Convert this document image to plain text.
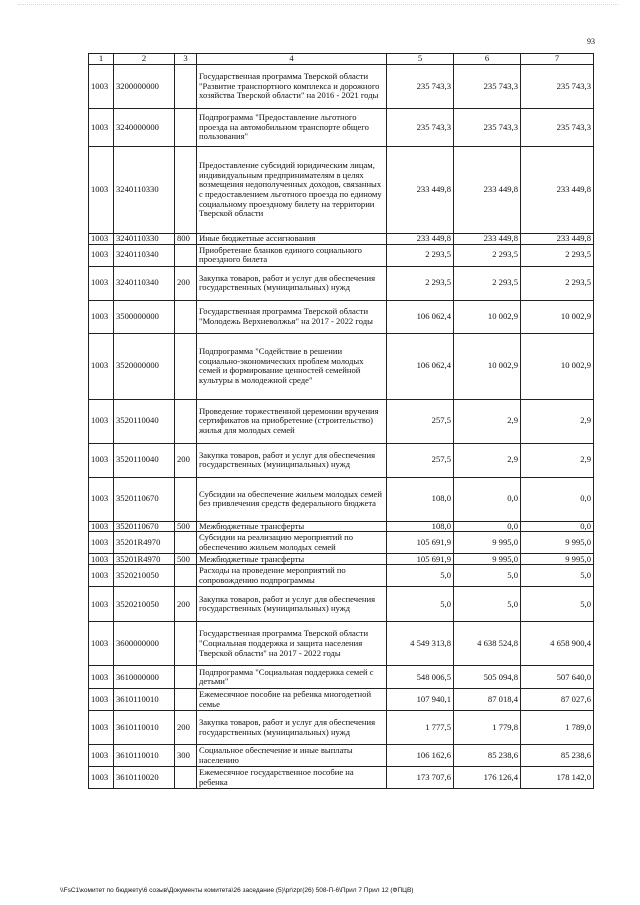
93
1	2	3	4	5	6	7
1003	3200000000		Государственная программа Тверской области "Развитие транспортного комплекса и дорожного хозяйства Тверской области" на 2016 - 2021 годы	235 743,3	235 743,3	235 743,3
1003	3240000000		Подпрограмма "Предоставление льготного проезда на автомобильном транспорте общего пользования"	235 743,3	235 743,3	235 743,3
1003	3240110330		Предоставление субсидий юридическим лицам, индивидуальным предпринимателям в целях возмещения недополученных доходов, связанных с предоставлением льготного проезда по единому социальному проездному билету на территории Тверской области	233 449,8	233 449,8	233 449,8
1003	3240110330	800	Иные бюджетные ассигнования	233 449,8	233 449,8	233 449,8
1003	3240110340		Приобретение бланков единого социального проездного билета	2 293,5	2 293,5	2 293,5
1003	3240110340	200	Закупка товаров, работ и услуг для обеспечения государственных (муниципальных) нужд	2 293,5	2 293,5	2 293,5
1003	3500000000		Государственная программа Тверской области "Молодежь Верхневолжья" на 2017 - 2022 годы	106 062,4	10 002,9	10 002,9
1003	3520000000		Подпрограмма "Содействие в решении социально-экономических проблем молодых семей и формирование ценностей семейной культуры в молодежной среде"	106 062,4	10 002,9	10 002,9
1003	3520110040		Проведение торжественной церемонии вручения сертификатов на приобретение (строительство) жилья для молодых семей	257,5	2,9	2,9
1003	3520110040	200	Закупка товаров, работ и услуг для обеспечения государственных (муниципальных) нужд	257,5	2,9	2,9
1003	3520110670		Субсидии на обеспечение жильем молодых семей без привлечения средств федерального бюджета	108,0	0,0	0,0
1003	3520110670	500	Межбюджетные трансферты	108,0	0,0	0,0
1003	35201R4970		Субсидии на реализацию мероприятий по обеспечению жильем молодых семей	105 691,9	9 995,0	9 995,0
1003	35201R4970	500	Межбюджетные трансферты	105 691,9	9 995,0	9 995,0
1003	3520210050		Расходы на проведение мероприятий по сопровождению подпрограммы	5,0	5,0	5,0
1003	3520210050	200	Закупка товаров, работ и услуг для обеспечения государственных (муниципальных) нужд	5,0	5,0	5,0
1003	3600000000		Государственная программа Тверской области "Социальная поддержка и защита населения Тверской области" на 2017 - 2022 годы	4 549 313,8	4 638 524,8	4 658 900,4
1003	3610000000		Подпрограмма "Социальная поддержка семей с детьми"	548 006,5	505 094,8	507 640,0
1003	3610110010		Ежемесячное пособие на ребенка многодетной семье	107 940,1	87 018,4	87 027,6
1003	3610110010	200	Закупка товаров, работ и услуг для обеспечения государственных (муниципальных) нужд	1 777,5	1 779,8	1 789,0
1003	3610110010	300	Социальное обеспечение и иные выплаты населению	106 162,6	85 238,6	85 238,6
1003	3610110020		Ежемесячное государственное пособие на ребенка	173 707,6	176 126,4	178 142,0
\\FsC1\комитет по бюджету\6 созыв\Документы комитета\26 заседание (5)\pr\zpr(26) 508-П-6\Прил 7 Прил 12 (ФПЦВ)
